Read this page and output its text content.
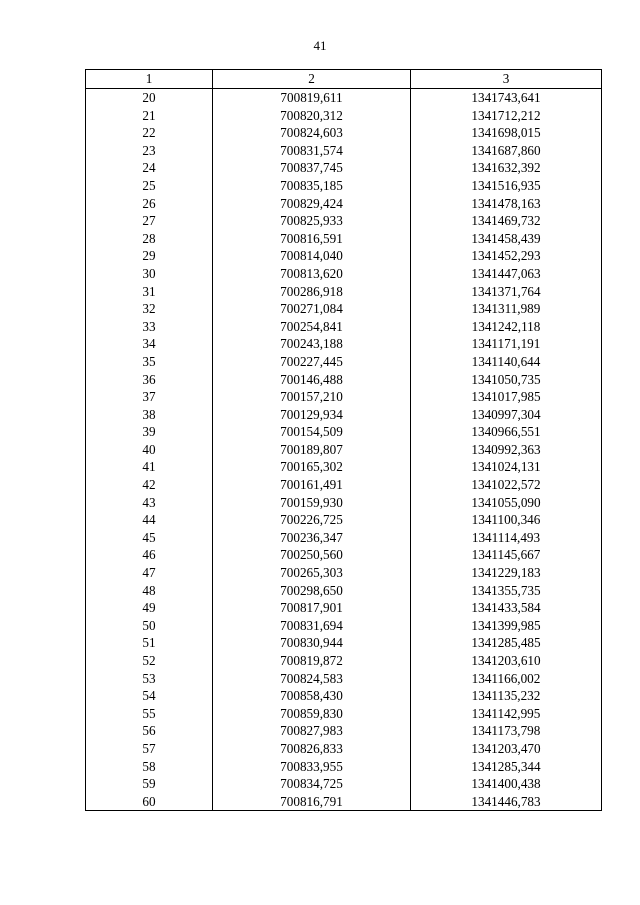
41
1	2	3
20	700819,611	1341743,641
21	700820,312	1341712,212
22	700824,603	1341698,015
23	700831,574	1341687,860
24	700837,745	1341632,392
25	700835,185	1341516,935
26	700829,424	1341478,163
27	700825,933	1341469,732
28	700816,591	1341458,439
29	700814,040	1341452,293
30	700813,620	1341447,063
31	700286,918	1341371,764
32	700271,084	1341311,989
33	700254,841	1341242,118
34	700243,188	1341171,191
35	700227,445	1341140,644
36	700146,488	1341050,735
37	700157,210	1341017,985
38	700129,934	1340997,304
39	700154,509	1340966,551
40	700189,807	1340992,363
41	700165,302	1341024,131
42	700161,491	1341022,572
43	700159,930	1341055,090
44	700226,725	1341100,346
45	700236,347	1341114,493
46	700250,560	1341145,667
47	700265,303	1341229,183
48	700298,650	1341355,735
49	700817,901	1341433,584
50	700831,694	1341399,985
51	700830,944	1341285,485
52	700819,872	1341203,610
53	700824,583	1341166,002
54	700858,430	1341135,232
55	700859,830	1341142,995
56	700827,983	1341173,798
57	700826,833	1341203,470
58	700833,955	1341285,344
59	700834,725	1341400,438
60	700816,791	1341446,783
